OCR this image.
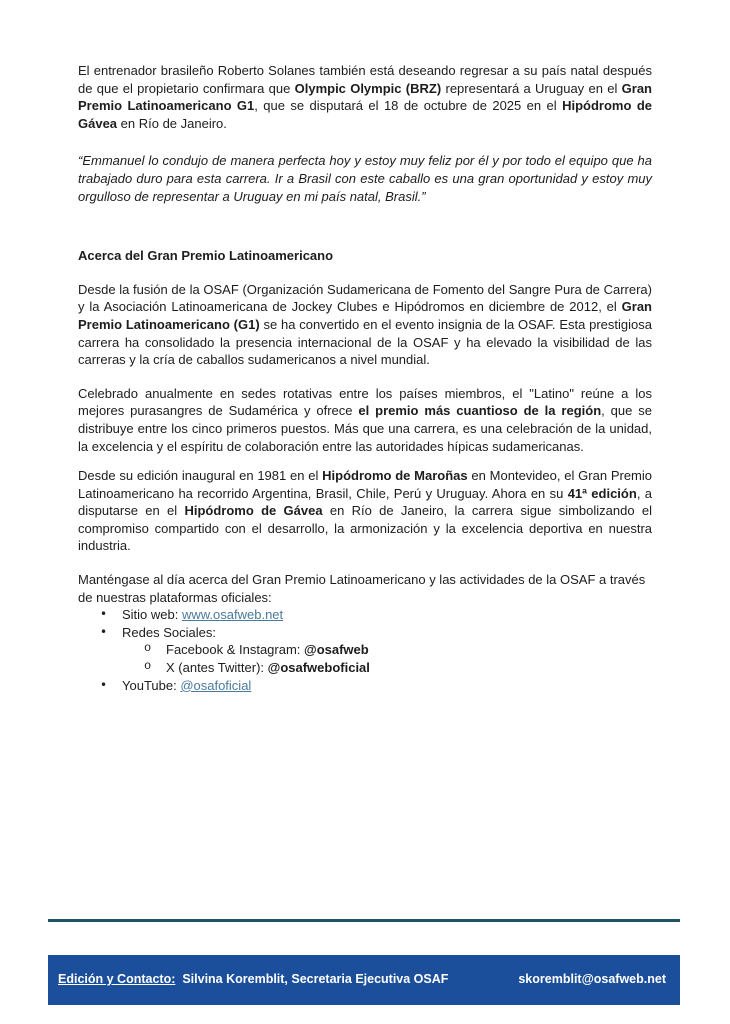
El entrenador brasileño Roberto Solanes también está deseando regresar a su país natal después de que el propietario confirmara que Olympic Olympic (BRZ) representará a Uruguay en el Gran Premio Latinoamericano G1, que se disputará el 18 de octubre de 2025 en el Hipódromo de Gávea en Río de Janeiro.

“Emmanuel lo condujo de manera perfecta hoy y estoy muy feliz por él y por todo el equipo que ha trabajado duro para esta carrera. Ir a Brasil con este caballo es una gran oportunidad y estoy muy orgulloso de representar a Uruguay en mi país natal, Brasil.”

Acerca del Gran Premio Latinoamericano

Desde la fusión de la OSAF (Organización Sudamericana de Fomento del Sangre Pura de Carrera) y la Asociación Latinoamericana de Jockey Clubes e Hipódromos en diciembre de 2012, el Gran Premio Latinoamericano (G1) se ha convertido en el evento insignia de la OSAF. Esta prestigiosa carrera ha consolidado la presencia internacional de la OSAF y ha elevado la visibilidad de las carreras y la cría de caballos sudamericanos a nivel mundial.

Celebrado anualmente en sedes rotativas entre los países miembros, el "Latino" reúne a los mejores purasangres de Sudamérica y ofrece el premio más cuantioso de la región, que se distribuye entre los cinco primeros puestos. Más que una carrera, es una celebración de la unidad, la excelencia y el espíritu de colaboración entre las autoridades hípicas sudamericanas.

Desde su edición inaugural en 1981 en el Hipódromo de Maroñas en Montevideo, el Gran Premio Latinoamericano ha recorrido Argentina, Brasil, Chile, Perú y Uruguay. Ahora en su 41ª edición, a disputarse en el Hipódromo de Gávea en Río de Janeiro, la carrera sigue simbolizando el compromiso compartido con el desarrollo, la armonización y la excelencia deportiva en nuestra industria.

Manténgase al día acerca del Gran Premio Latinoamericano y las actividades de la OSAF a través de nuestras plataformas oficiales:

• Sitio web: www.osafweb.net
• Redes Sociales:
o Facebook & Instagram: @osafweb
o X (antes Twitter): @osafweboficial
• YouTube: @osafoficial
Edición y Contacto: Silvina Koremblit, Secretaria Ejecutiva OSAF	skoremblit@osafweb.net
